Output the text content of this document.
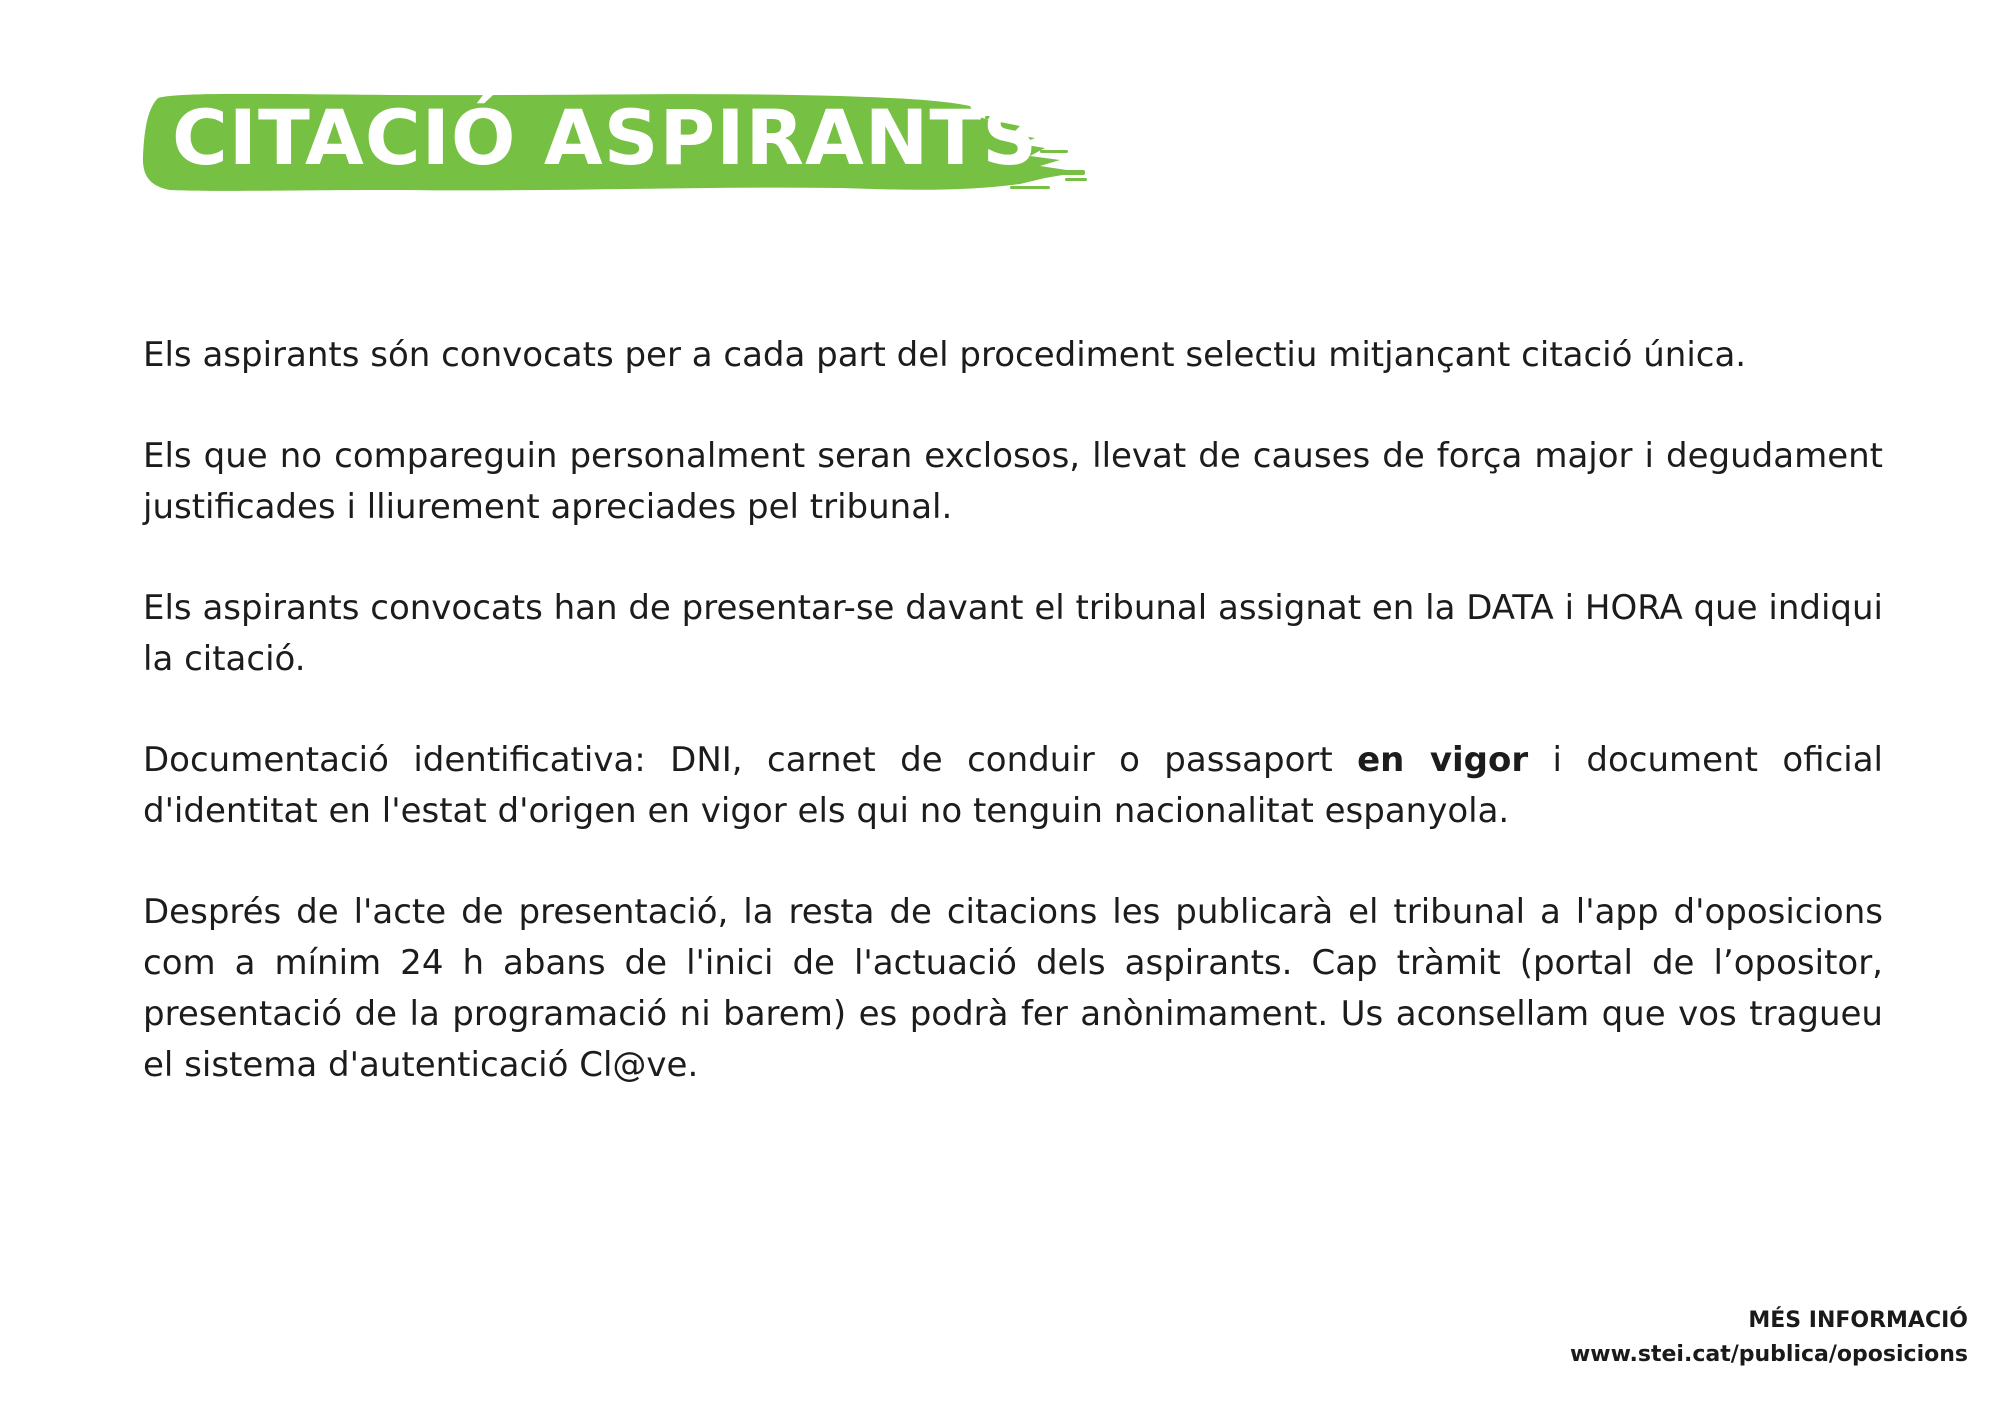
CITACIÓ ASPIRANTS

Els aspirants són convocats per a cada part del procediment selectiu mitjançant citació única.

Els que no compareguin personalment seran exclosos, llevat de causes de força major i degudament justificades i lliurement apreciades pel tribunal.

Els aspirants convocats han de presentar-se davant el tribunal assignat en la DATA i HORA que indiqui la citació.

Documentació identificativa: DNI, carnet de conduir o passaport en vigor i document oficial d'identitat en l'estat d'origen en vigor els qui no tenguin nacionalitat espanyola.

Després de l'acte de presentació, la resta de citacions les publicarà el tribunal a l'app d'oposicions com a mínim 24 h abans de l'inici de l'actuació dels aspirants. Cap tràmit (portal de l’opositor, presentació de la programació ni barem) es podrà fer anònimament. Us aconsellam que vos tragueu el sistema d'autenticació Cl@ve.

MÉS INFORMACIÓ
www.stei.cat/publica/oposicions
